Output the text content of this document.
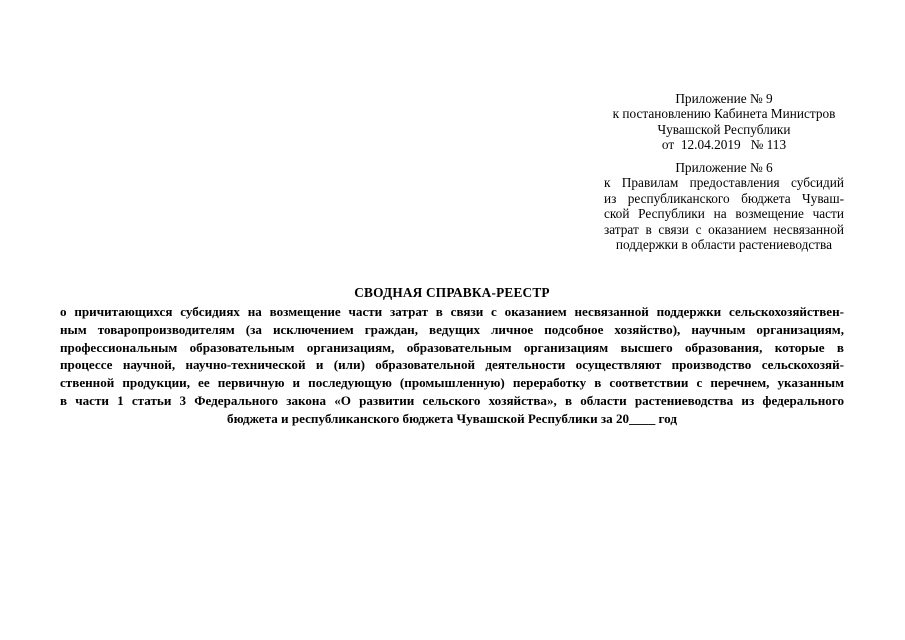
Приложение № 9
к постановлению Кабинета Министров
Чувашской Республики
от  12.04.2019   № 113
Приложение № 6
к Правилам предоставления субсидий
из республиканского бюджета Чуваш-
ской Республики на возмещение части
затрат в связи с оказанием несвязанной
поддержки в области растениеводства
СВОДНАЯ СПРАВКА-РЕЕСТР
о причитающихся субсидиях на возмещение части затрат в связи с оказанием несвязанной поддержки сельскохозяйствен-
ным товаропроизводителям (за исключением граждан, ведущих личное подсобное хозяйство), научным организациям,
профессиональным образовательным организациям, образовательным организациям высшего образования, которые в
процессе научной, научно-технической и (или) образовательной деятельности осуществляют производство сельскохозяй-
ственной продукции, ее первичную и последующую (промышленную) переработку в соответствии с перечнем, указанным
в части 1 статьи 3 Федерального закона «О развитии сельского хозяйства», в области растениеводства из федерального
бюджета и республиканского бюджета Чувашской Республики за 20____ год
